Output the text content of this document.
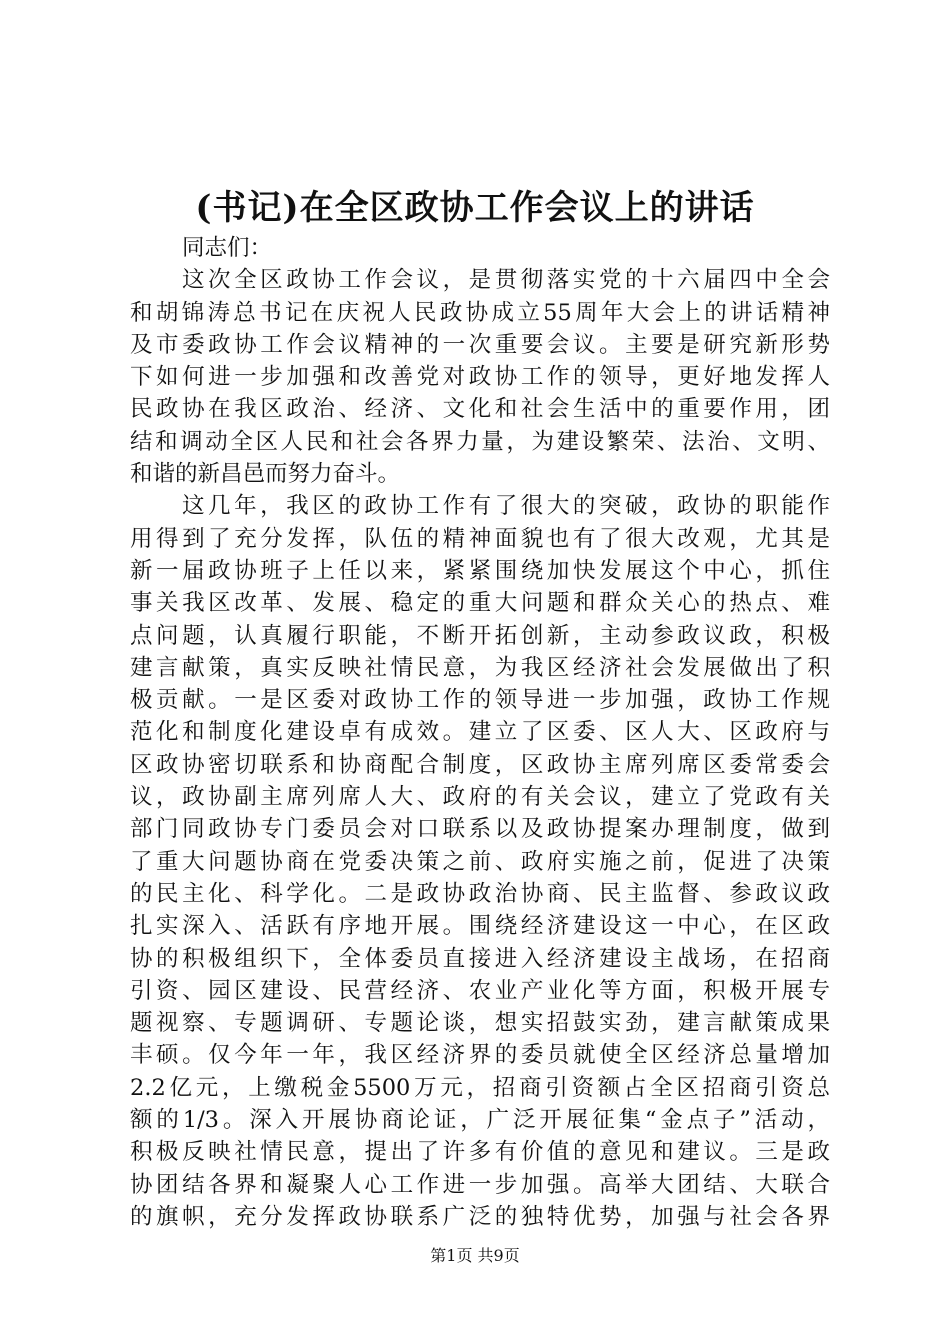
(书记)在全区政协工作会议上的讲话
同志们：
这次全区政协工作会议，是贯彻落实党的十六届四中全会
和胡锦涛总书记在庆祝人民政协成立55周年大会上的讲话精神
及市委政协工作会议精神的一次重要会议。主要是研究新形势
下如何进一步加强和改善党对政协工作的领导，更好地发挥人
民政协在我区政治、经济、文化和社会生活中的重要作用，团
结和调动全区人民和社会各界力量，为建设繁荣、法治、文明、
和谐的新昌邑而努力奋斗。
这几年，我区的政协工作有了很大的突破，政协的职能作
用得到了充分发挥，队伍的精神面貌也有了很大改观，尤其是
新一届政协班子上任以来，紧紧围绕加快发展这个中心，抓住
事关我区改革、发展、稳定的重大问题和群众关心的热点、难
点问题，认真履行职能，不断开拓创新，主动参政议政，积极
建言献策，真实反映社情民意，为我区经济社会发展做出了积
极贡献。一是区委对政协工作的领导进一步加强，政协工作规
范化和制度化建设卓有成效。建立了区委、区人大、区政府与
区政协密切联系和协商配合制度，区政协主席列席区委常委会
议，政协副主席列席人大、政府的有关会议，建立了党政有关
部门同政协专门委员会对口联系以及政协提案办理制度，做到
了重大问题协商在党委决策之前、政府实施之前，促进了决策
的民主化、科学化。二是政协政治协商、民主监督、参政议政
扎实深入、活跃有序地开展。围绕经济建设这一中心，在区政
协的积极组织下，全体委员直接进入经济建设主战场，在招商
引资、园区建设、民营经济、农业产业化等方面，积极开展专
题视察、专题调研、专题论谈，想实招鼓实劲，建言献策成果
丰硕。仅今年一年，我区经济界的委员就使全区经济总量增加
2.2亿元，上缴税金5500万元，招商引资额占全区招商引资总
额的1/3。深入开展协商论证，广泛开展征集“金点子”活动，
积极反映社情民意，提出了许多有价值的意见和建议。三是政
协团结各界和凝聚人心工作进一步加强。高举大团结、大联合
的旗帜，充分发挥政协联系广泛的独特优势，加强与社会各界
第1页 共9页
